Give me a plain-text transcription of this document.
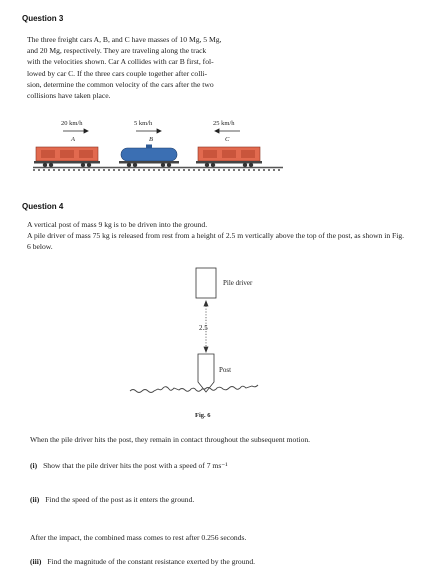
Question 3

The three freight cars A, B, and C have masses of 10 Mg, 5 Mg,
and 20 Mg, respectively. They are traveling along the track
with the velocities shown. Car A collides with car B first, fol-
lowed by car C. If the three cars couple together after colli-
sion, determine the common velocity of the cars after the two
collisions have taken place.

20 km/h	5 km/h	25 km/h
A	B	C
Question 4

A vertical post of mass 9 kg is to be driven into the ground.

A pile driver of mass 75 kg is released from rest from a height of 2.5 m vertically above the top of the post, as shown in Fig. 6 below.

Pile driver
2.5
Post

Fig. 6

When the pile driver hits the post, they remain in contact throughout the subsequent motion.

(i) Show that the pile driver hits the post with a speed of 7 ms⁻¹

(ii) Find the speed of the post as it enters the ground.

After the impact, the combined mass comes to rest after 0.256 seconds.

(iii) Find the magnitude of the constant resistance exerted by the ground.
